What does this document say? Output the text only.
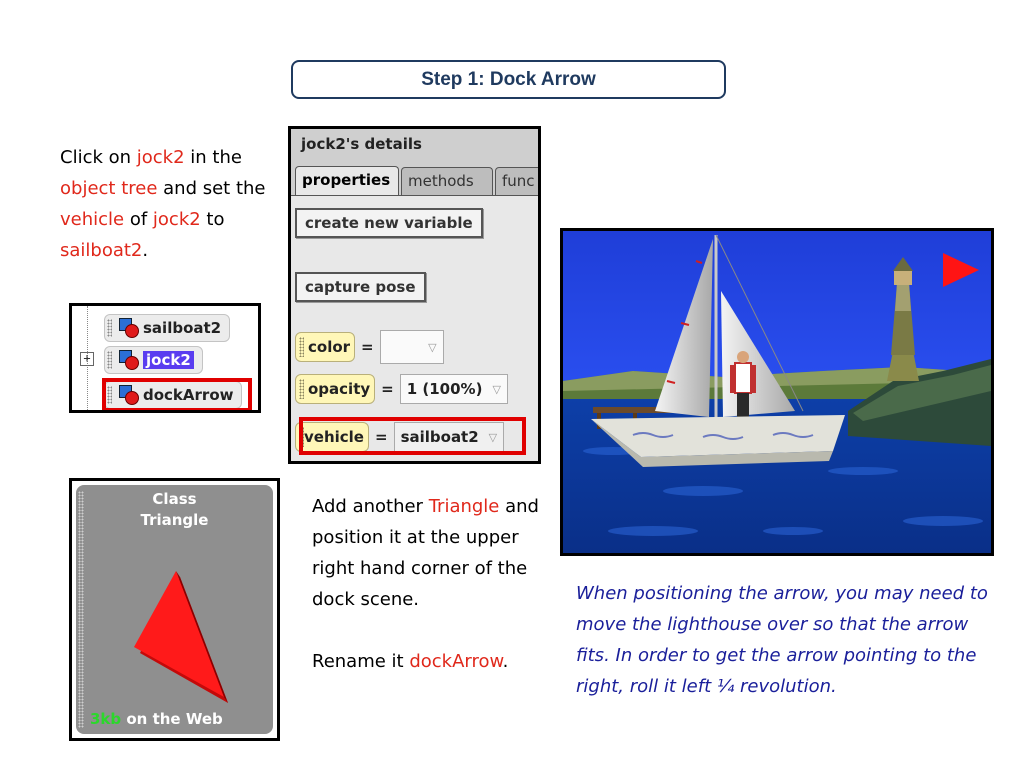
Step 1: Dock Arrow
Click on jock2 in the object tree and set the vehicle of jock2 to sailboat2.
jock2's details
properties	methods	func
create new variable
capture pose
color =	▽
opacity = 1 (100%) ▽
vehicle = sailboat2 ▽
sailboat2
+	jock2
dockArrow
Class
Triangle
3kb on the Web
Add another Triangle and position it at the upper right hand corner of the dock scene.
Rename it dockArrow.
When positioning the arrow, you may need to move the lighthouse over so that the arrow fits. In order to get the arrow pointing to the right, roll it left ¼ revolution.
